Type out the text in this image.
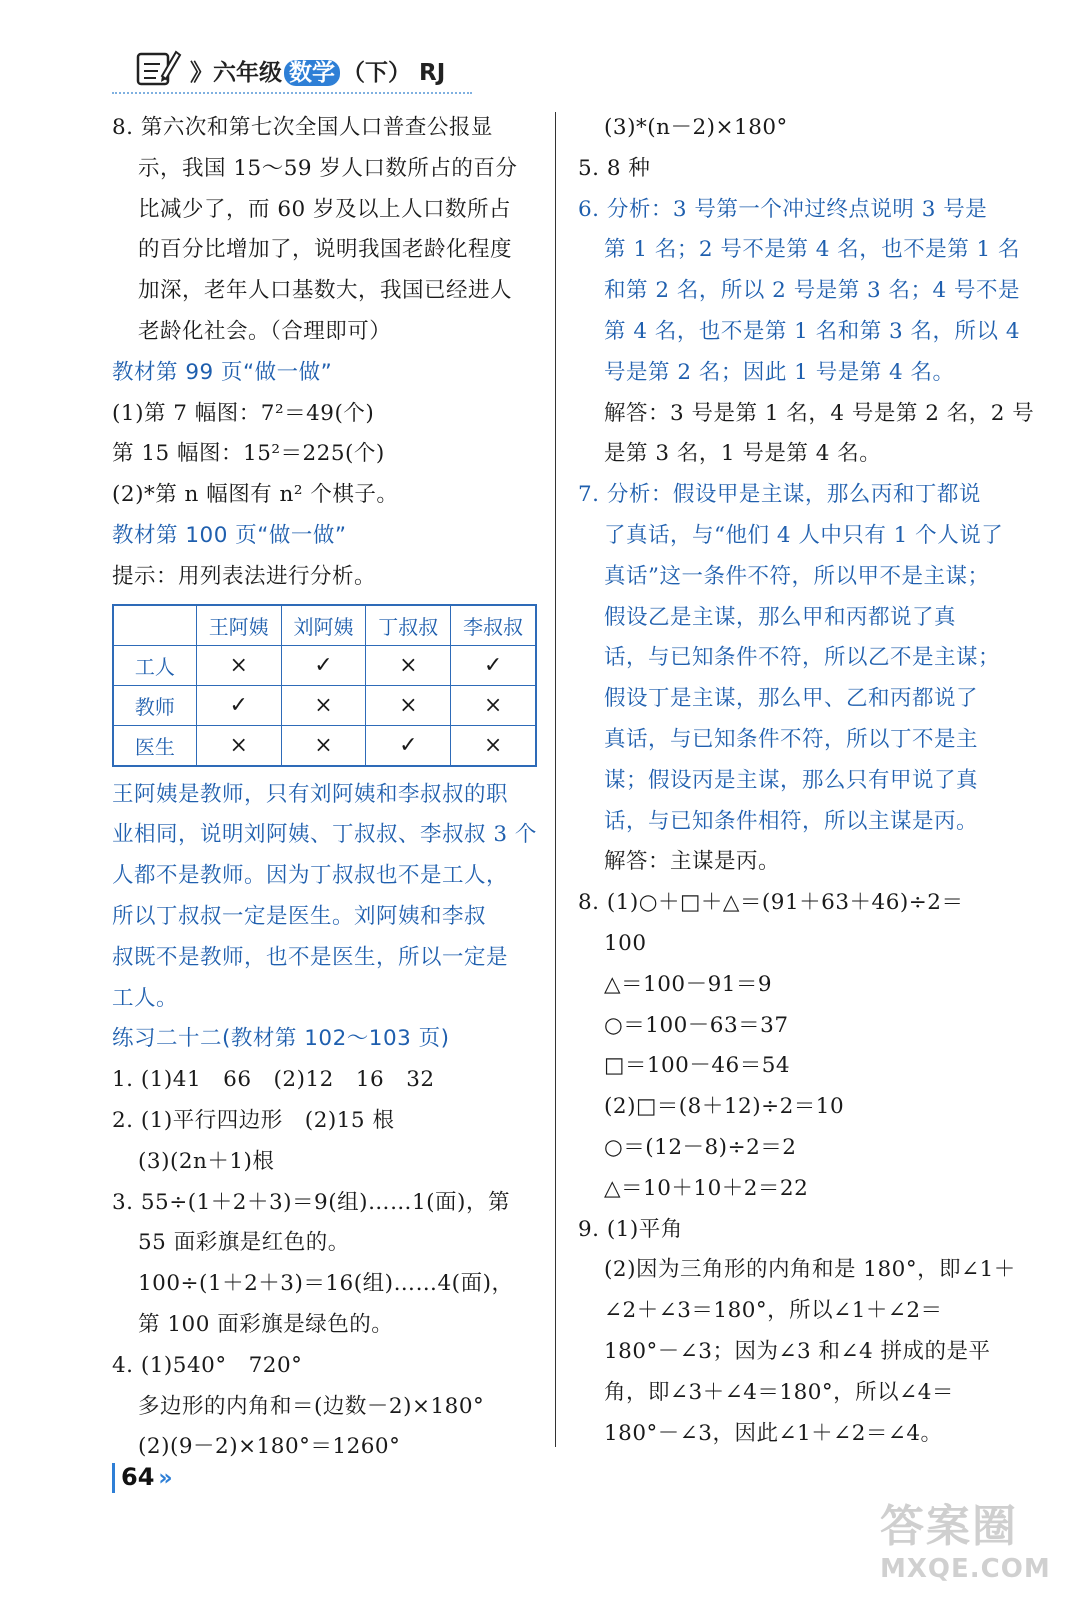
》六年级 数学 （下） RJ
8. 第六次和第七次全国人口普查公报显
示，我国 15～59 岁人口数所占的百分
比减少了，而 60 岁及以上人口数所占
的百分比增加了，说明我国老龄化程度
加深，老年人口基数大，我国已经进人
老龄化社会。（合理即可）
教材第 99 页“做一做”
(1)第 7 幅图：7²＝49(个)
第 15 幅图：15²＝225(个)
(2)*第 n 幅图有 n² 个棋子。
教材第 100 页“做一做”
提示：用列表法进行分析。
	王阿姨	刘阿姨	丁叔叔	李叔叔
工人	×	✓	×	✓
教师	✓	×	×	×
医生	×	×	✓	×
王阿姨是教师，只有刘阿姨和李叔叔的职
业相同，说明刘阿姨、丁叔叔、李叔叔 3 个
人都不是教师。因为丁叔叔也不是工人，
所以丁叔叔一定是医生。刘阿姨和李叔
叔既不是教师，也不是医生，所以一定是
工人。
练习二十二(教材第 102～103 页)
1. (1)41　66　(2)12　16　32
2. (1)平行四边形　(2)15 根
(3)(2n＋1)根
3. 55÷(1＋2＋3)＝9(组)……1(面)，第
55 面彩旗是红色的。
100÷(1＋2＋3)＝16(组)……4(面)，
第 100 面彩旗是绿色的。
4. (1)540°　720°
多边形的内角和＝(边数－2)×180°
(2)(9－2)×180°＝1260°
(3)*(n－2)×180°
5. 8 种
6. 分析：3 号第一个冲过终点说明 3 号是
第 1 名；2 号不是第 4 名，也不是第 1 名
和第 2 名，所以 2 号是第 3 名；4 号不是
第 4 名，也不是第 1 名和第 3 名，所以 4
号是第 2 名；因此 1 号是第 4 名。
解答：3 号是第 1 名，4 号是第 2 名，2 号
是第 3 名，1 号是第 4 名。
7. 分析：假设甲是主谋，那么丙和丁都说
了真话，与“他们 4 人中只有 1 个人说了
真话”这一条件不符，所以甲不是主谋；
假设乙是主谋，那么甲和丙都说了真
话，与已知条件不符，所以乙不是主谋；
假设丁是主谋，那么甲、乙和丙都说了
真话，与已知条件不符，所以丁不是主
谋；假设丙是主谋，那么只有甲说了真
话，与已知条件相符，所以主谋是丙。
解答：主谋是丙。
8. (1)○＋□＋△＝(91＋63＋46)÷2＝
100
△＝100－91＝9
○＝100－63＝37
□＝100－46＝54
(2)□＝(8＋12)÷2＝10
○＝(12－8)÷2＝2
△＝10＋10＋2＝22
9. (1)平角
(2)因为三角形的内角和是 180°，即∠1＋
∠2＋∠3＝180°，所以∠1＋∠2＝
180°－∠3；因为∠3 和∠4 拼成的是平
角，即∠3＋∠4＝180°，所以∠4＝
180°－∠3，因此∠1＋∠2＝∠4。
64 »
答案圈
MXQE.COM
